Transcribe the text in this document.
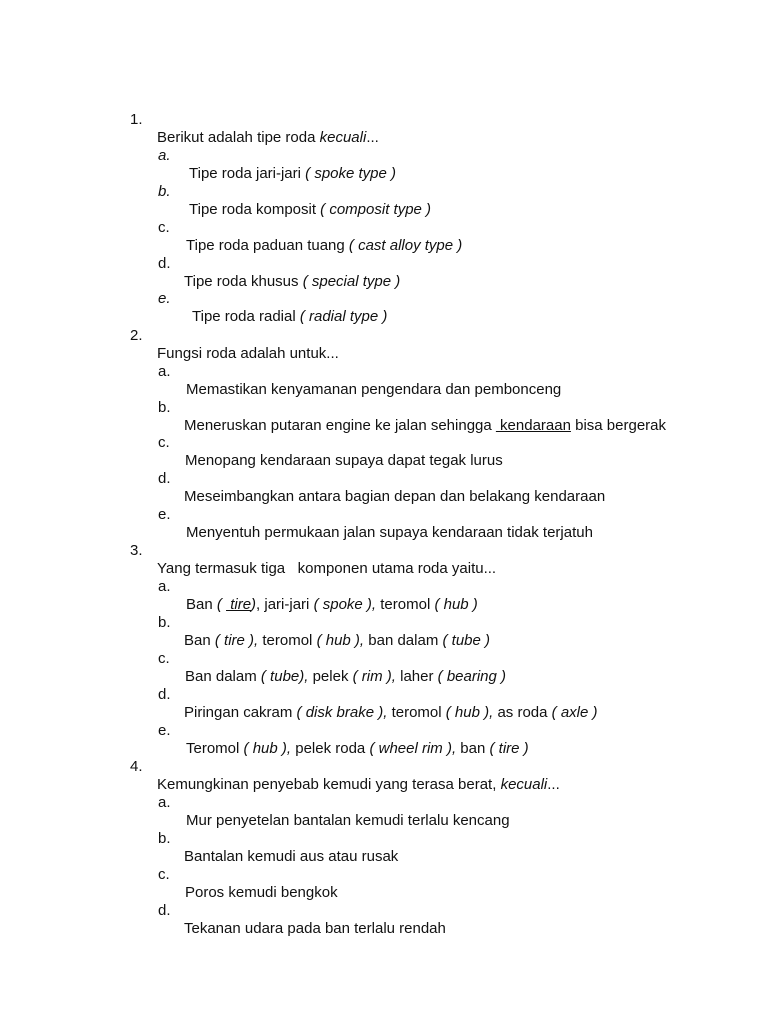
1.

Berikut adalah tipe roda kecuali...

a.

Tipe roda jari-jari ( spoke type )

b.

Tipe roda komposit ( composit type )

c.

Tipe roda paduan tuang ( cast alloy type )

d.

Tipe roda khusus ( special type )

e.

Tipe roda radial ( radial type )

2.

Fungsi roda adalah untuk...

a.

Memastikan kenyamanan pengendara dan pembonceng

b.

Meneruskan putaran engine ke jalan sehingga  kendaraan bisa bergerak

c.

Menopang kendaraan supaya dapat tegak lurus

d.

Meseimbangkan antara bagian depan dan belakang kendaraan

e.

Menyentuh permukaan jalan supaya kendaraan tidak terjatuh

3.

Yang termasuk tiga   komponen utama roda yaitu...

a.

Ban (  tire), jari-jari ( spoke ), teromol ( hub )

b.

Ban ( tire ), teromol ( hub ), ban dalam ( tube )

c.

Ban dalam ( tube), pelek ( rim ), laher ( bearing )

d.

Piringan cakram ( disk brake ), teromol ( hub ), as roda ( axle )

e.

Teromol ( hub ), pelek roda ( wheel rim ), ban ( tire )

4.

Kemungkinan penyebab kemudi yang terasa berat, kecuali...

a.

Mur penyetelan bantalan kemudi terlalu kencang

b.

Bantalan kemudi aus atau rusak

c.

Poros kemudi bengkok

d.

Tekanan udara pada ban terlalu rendah
